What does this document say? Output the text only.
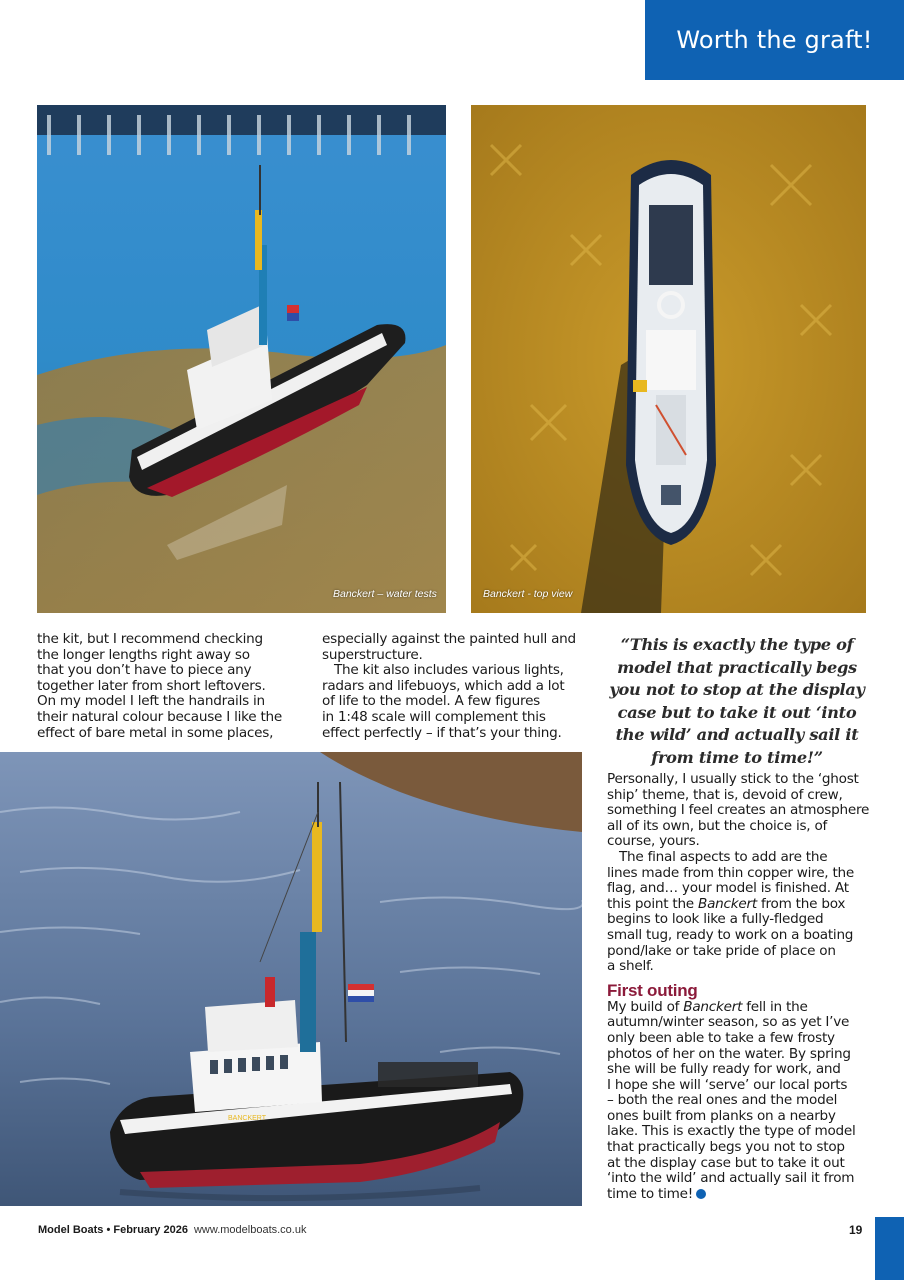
Worth the graft!
Banckert – water tests	Banckert - top view

the kit, but I recommend checking

the longer lengths right away so

that you don’t have to piece any

together later from short leftovers.

On my model I left the handrails in

their natural colour because I like the

effect of bare metal in some places,

especially against the painted hull and

superstructure.

The kit also includes various lights,

radars and lifebuoys, which add a lot

of life to the model. A few figures

in 1:48 scale will complement this

effect perfectly – if that’s your thing.

“This is exactly the type of model that practically begs you not to stop at the display case but to take it out ‘into the wild’ and actually sail it from time to time!”
BANCKERT

Personally, I usually stick to the ‘ghost

ship’ theme, that is, devoid of crew,

something I feel creates an atmosphere

all of its own, but the choice is, of

course, yours.

The final aspects to add are the

lines made from thin copper wire, the

flag, and… your model is finished. At

this point the Banckert from the box

begins to look like a fully-fledged

small tug, ready to work on a boating

pond/lake or take pride of place on

a shelf.

First outing

My build of Banckert fell in the

autumn/winter season, so as yet I’ve

only been able to take a few frosty

photos of her on the water. By spring

she will be fully ready for work, and

I hope she will ‘serve’ our local ports

– both the real ones and the model

ones built from planks on a nearby

lake. This is exactly the type of model

that practically begs you not to stop

at the display case but to take it out

‘into the wild’ and actually sail it from

time to time!

Model Boats • February 2026 www.modelboats.co.uk	19
